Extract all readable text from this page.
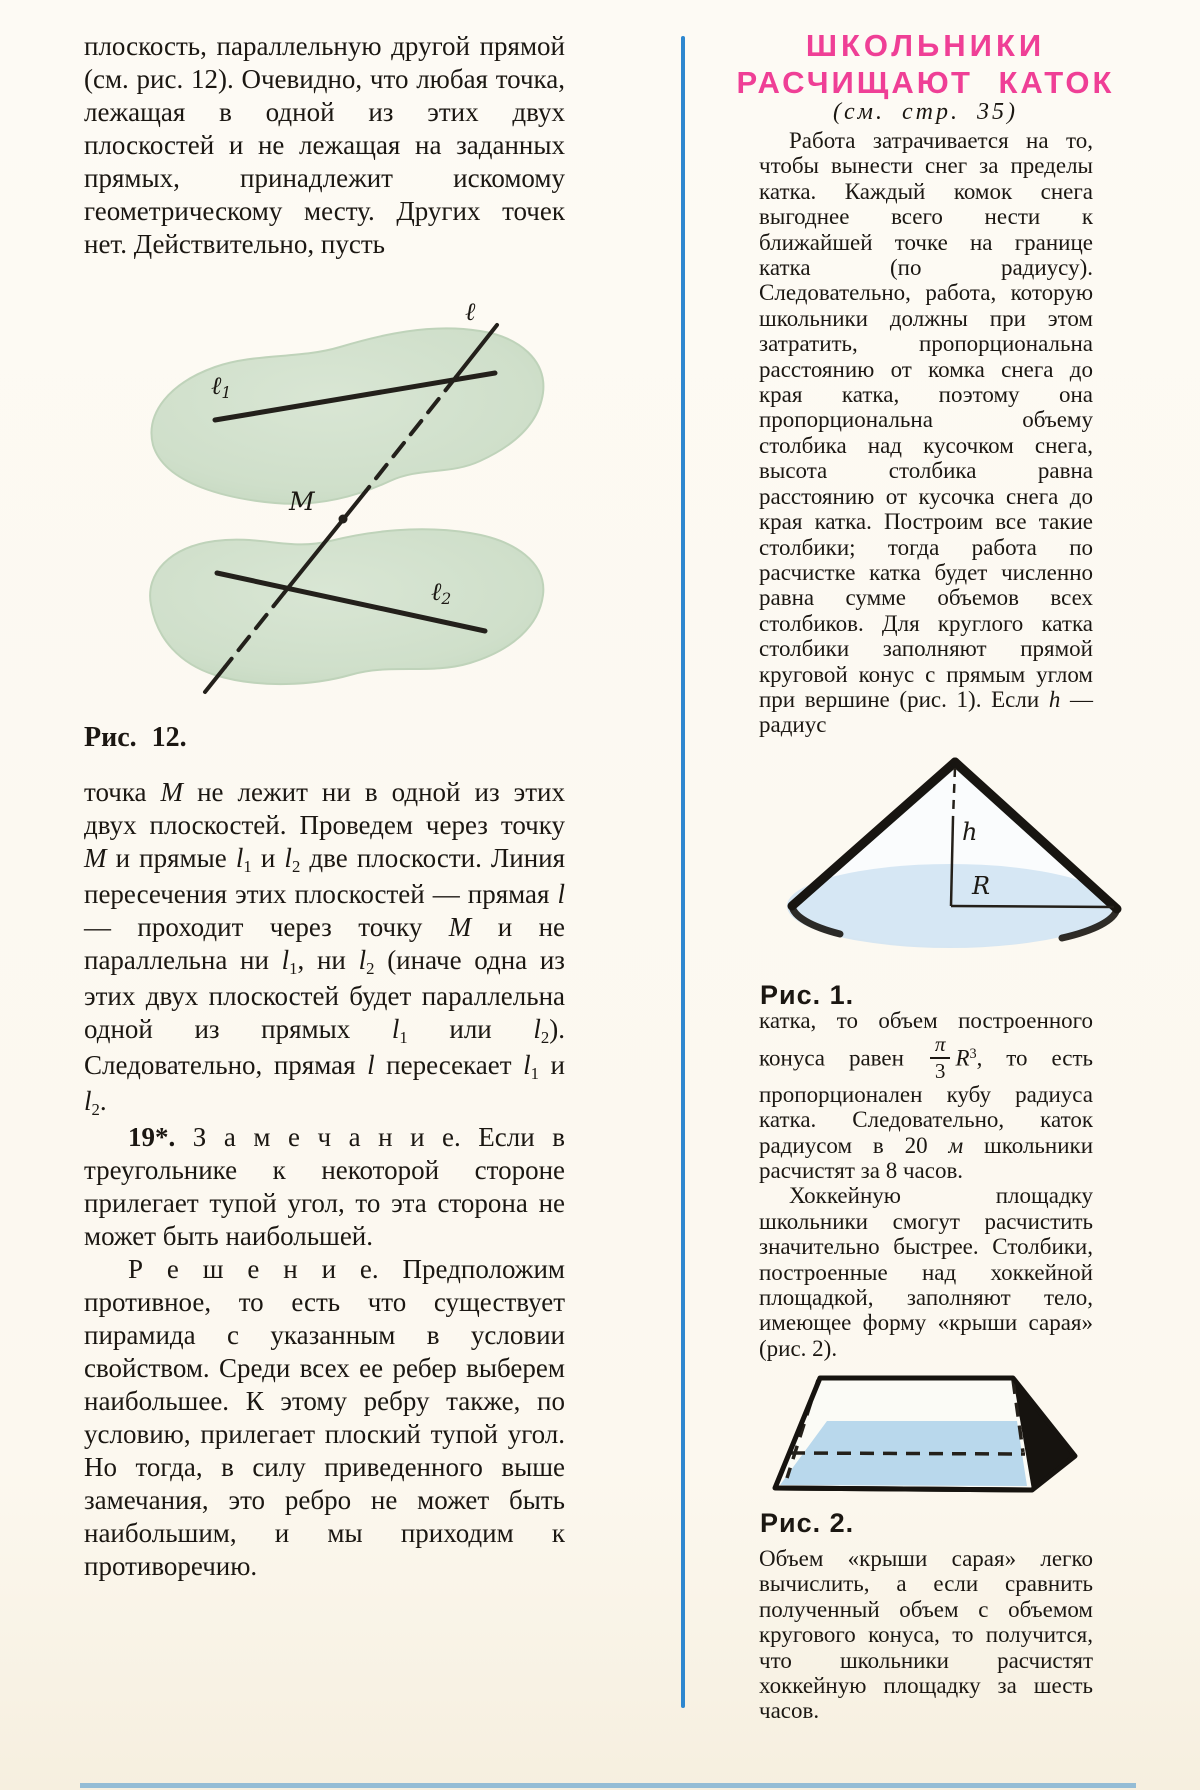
плоскость, параллельную другой прямой (см. рис. 12). Очевидно, что любая точка, лежащая в одной из этих двух плоскостей и не лежащая на заданных прямых, принадлежит искомому геометрическому месту. Других точек нет. Действительно, пусть
ℓ
ℓ$_1$
M
ℓ$_2$
Рис. 12.

точка M не лежит ни в одной из этих двух плоскостей. Проведем через точку M и прямые $l_1$ и $l_2$ две плоскости. Линия пересечения этих плоскостей — прямая l — проходит через точку M и не параллельна ни $l_1$, ни $l_2$ (иначе одна из этих двух плоскостей будет параллельна одной из прямых $l_1$ или $l_2$). Следовательно, прямая l пересекает $l_1$ и $l_2$.

19*. З а м е ч а н и е. Если в треугольнике к некоторой стороне прилегает тупой угол, то эта сторона не может быть наибольшей.

Р е ш е н и е. Предположим противное, то есть что существует пирамида с указанным в условии свойством. Среди всех ее ребер выберем наибольшее. К этому ребру также, по условию, прилегает плоский тупой угол. Но тогда, в силу приведенного выше замечания, это ребро не может быть наибольшим, и мы приходим к противоречию.

ШКОЛЬНИКИ
РАСЧИЩАЮТ КАТОК
(см. стр. 35)

Работа затрачивается на то, чтобы вынести снег за пределы катка. Каждый комок снега выгоднее всего нести к ближайшей точке на границе катка (по радиусу). Следовательно, работа, которую школьники должны при этом затратить, пропорциональна расстоянию от комка снега до края катка, поэтому она пропорциональна объему столбика над кусочком снега, высота столбика равна расстоянию от кусочка снега до края катка. Построим все такие столбики; тогда работа по расчистке катка будет численно равна сумме объемов всех столбиков. Для круглого катка столбики заполняют прямой круговой конус с прямым углом при вершине (рис. 1). Если h — радиус

h
R
Рис. 1.

катка, то объем построенного конуса равен $\frac{\pi}{3} R^3$, то есть пропорционален кубу радиуса катка. Следовательно, каток радиусом в 20 м школьники расчистят за 8 часов.

Хоккейную площадку школьники смогут расчистить значительно быстрее. Столбики, построенные над хоккейной площадкой, заполняют тело, имеющее форму «крыши сарая» (рис. 2).

Рис. 2.

Объем «крыши сарая» легко вычислить, а если сравнить полученный объем с объемом кругового конуса, то получится, что школьники расчистят хоккейную площадку за шесть часов.
